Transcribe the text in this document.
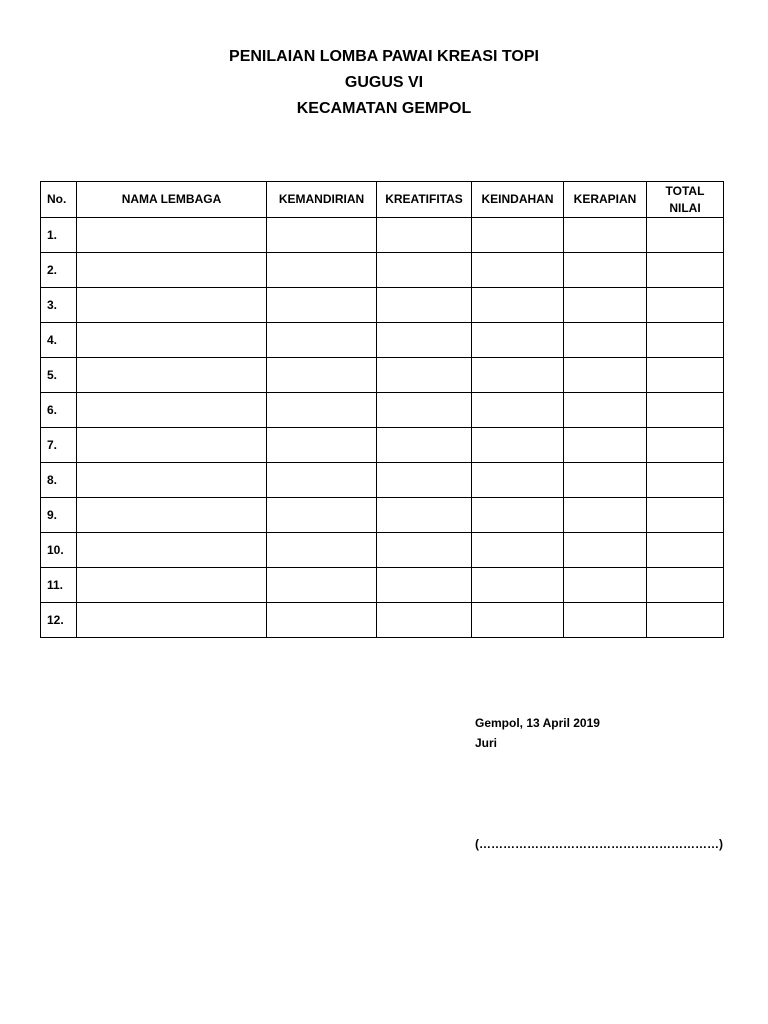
PENILAIAN LOMBA PAWAI KREASI TOPI
GUGUS VI
KECAMATAN GEMPOL
No.	NAMA LEMBAGA	KEMANDIRIAN	KREATIFITAS	KEINDAHAN	KERAPIAN	TOTAL
NILAI

1.						
2.						
3.						
4.						
5.						
6.						
7.						
8.						
9.						
10.						
11.						
12.						
Gempol, 13 April 2019
Juri
(……………………………………………………)
